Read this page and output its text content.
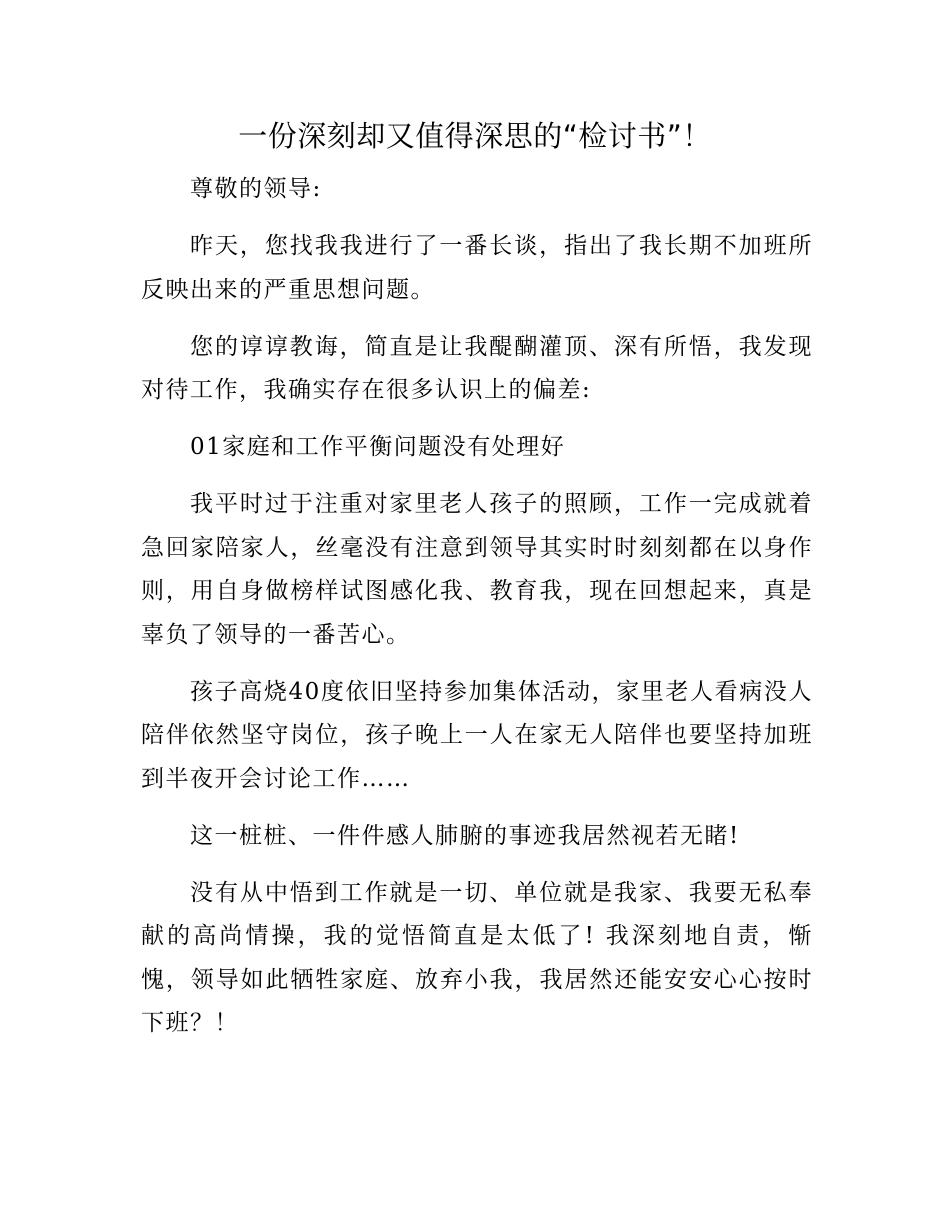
一份深刻却又值得深思的“检讨书”！

尊敬的领导:

昨天，您找我我进行了一番长谈，指出了我长期不加班所反映出来的严重思想问题。

您的谆谆教诲，简直是让我醍醐灌顶、深有所悟，我发现对待工作，我确实存在很多认识上的偏差:

01家庭和工作平衡问题没有处理好

我平时过于注重对家里老人孩子的照顾，工作一完成就着急回家陪家人，丝毫没有注意到领导其实时时刻刻都在以身作则，用自身做榜样试图感化我、教育我，现在回想起来，真是辜负了领导的一番苦心。

孩子高烧40度依旧坚持参加集体活动，家里老人看病没人陪伴依然坚守岗位，孩子晚上一人在家无人陪伴也要坚持加班到半夜开会讨论工作……

这一桩桩、一件件感人肺腑的事迹我居然视若无睹!

没有从中悟到工作就是一切、单位就是我家、我要无私奉献的高尚情操，我的觉悟简直是太低了! 我深刻地自责，惭愧，领导如此牺牲家庭、放弃小我，我居然还能安安心心按时下班？！
